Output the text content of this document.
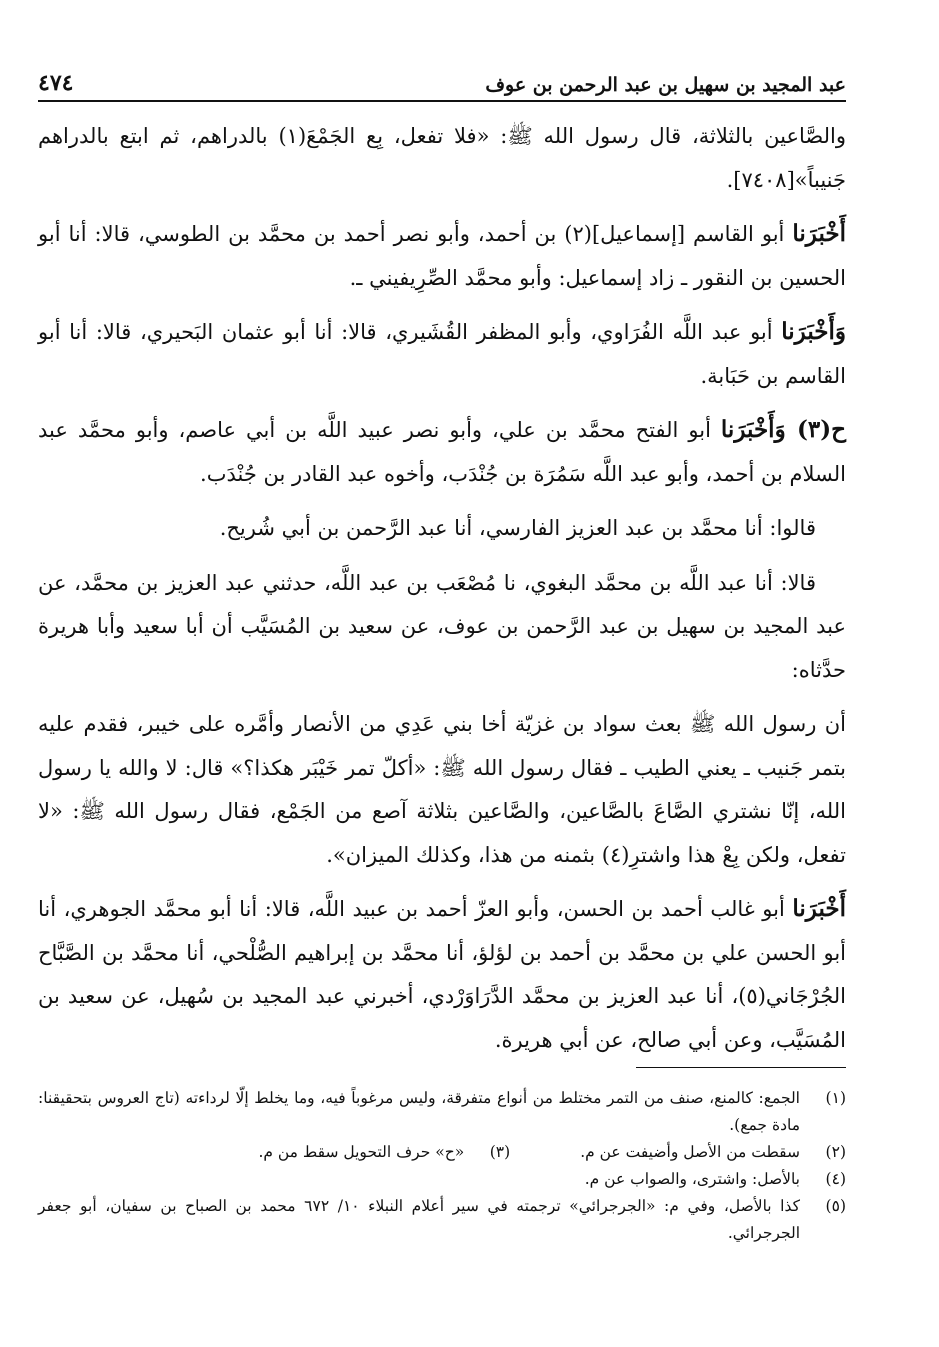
عبد المجيد بن سهيل بن عبد الرحمن بن عوف
٤٧٤

والصَّاعين بالثلاثة، قال رسول الله ﷺ: «فلا تفعل، بِع الجَمْعَ(١) بالدراهم، ثم ابتع بالدراهم جَنيباً»[٧٤٠٨].

أَخْبَرَنا أبو القاسم [إسماعيل](٢) بن أحمد، وأبو نصر أحمد بن محمَّد بن الطوسي، قالا: أنا أبو الحسين بن النقور ـ زاد إسماعيل: وأبو محمَّد الصِّرِيفيني ـ.

وَأَخْبَرَنا أبو عبد اللَّه الفُرَاوي، وأبو المظفر القُشَيري، قالا: أنا أبو عثمان البَحيري، قالا: أنا أبو القاسم بن حَبَابة.

ح(٣) وَأَخْبَرَنا أبو الفتح محمَّد بن علي، وأبو نصر عبيد اللَّه بن أبي عاصم، وأبو محمَّد عبد السلام بن أحمد، وأبو عبد اللَّه سَمُرَة بن جُنْدَب، وأخوه عبد القادر بن جُنْدَب.

قالوا: أنا محمَّد بن عبد العزيز الفارسي، أنا عبد الرَّحمن بن أبي شُريح.

قالا: أنا عبد اللَّه بن محمَّد البغوي، نا مُصْعَب بن عبد اللَّه، حدثني عبد العزيز بن محمَّد، عن عبد المجيد بن سهيل بن عبد الرَّحمن بن عوف، عن سعيد بن المُسَيَّب أن أبا سعيد وأبا هريرة حدَّثاه:

أن رسول الله ﷺ بعث سواد بن غزيّة أخا بني عَدِي من الأنصار وأمَّره على خيبر، فقدم عليه بتمر جَنيب ـ يعني الطيب ـ فقال رسول الله ﷺ: «أكلّ تمر خَيْبَر هكذا؟» قال: لا والله يا رسول الله، إنّا نشتري الصَّاعَ بالصَّاعين، والصَّاعين بثلاثة آصع من الجَمْع، فقال رسول الله ﷺ: «لا تفعل، ولكن بِعْ هذا واشترِ(٤) بثمنه من هذا، وكذلك الميزان».

أَخْبَرَنا أبو غالب أحمد بن الحسن، وأبو العزّ أحمد بن عبيد اللَّه، قالا: أنا أبو محمَّد الجوهري، أنا أبو الحسن علي بن محمَّد بن أحمد بن لؤلؤ، أنا محمَّد بن إبراهيم الصُّلْحي، أنا محمَّد بن الصَّبَّاح الجُرْجَاني(٥)، أنا عبد العزيز بن محمَّد الدَّرَاوَرْدي، أخبرني عبد المجيد بن سُهيل، عن سعيد بن المُسَيَّب، وعن أبي صالح، عن أبي هريرة.

(١)
الجمع: كالمنع، صنف من التمر مختلط من أنواع متفرقة، وليس مرغوباً فيه، وما يخلط إلّا لرداءته (تاج العروس بتحقيقنا: مادة جمع).
(٢)
سقطت من الأصل وأضيفت عن م.
(٣)
«ح» حرف التحويل سقط من م.
(٤)
بالأصل: واشترى، والصواب عن م.
(٥)
كذا بالأصل، وفي م: «الجرجرائي» ترجمته في سير أعلام النبلاء ١٠/ ٦٧٢ محمد بن الصباح بن سفيان، أبو جعفر الجرجرائي.
